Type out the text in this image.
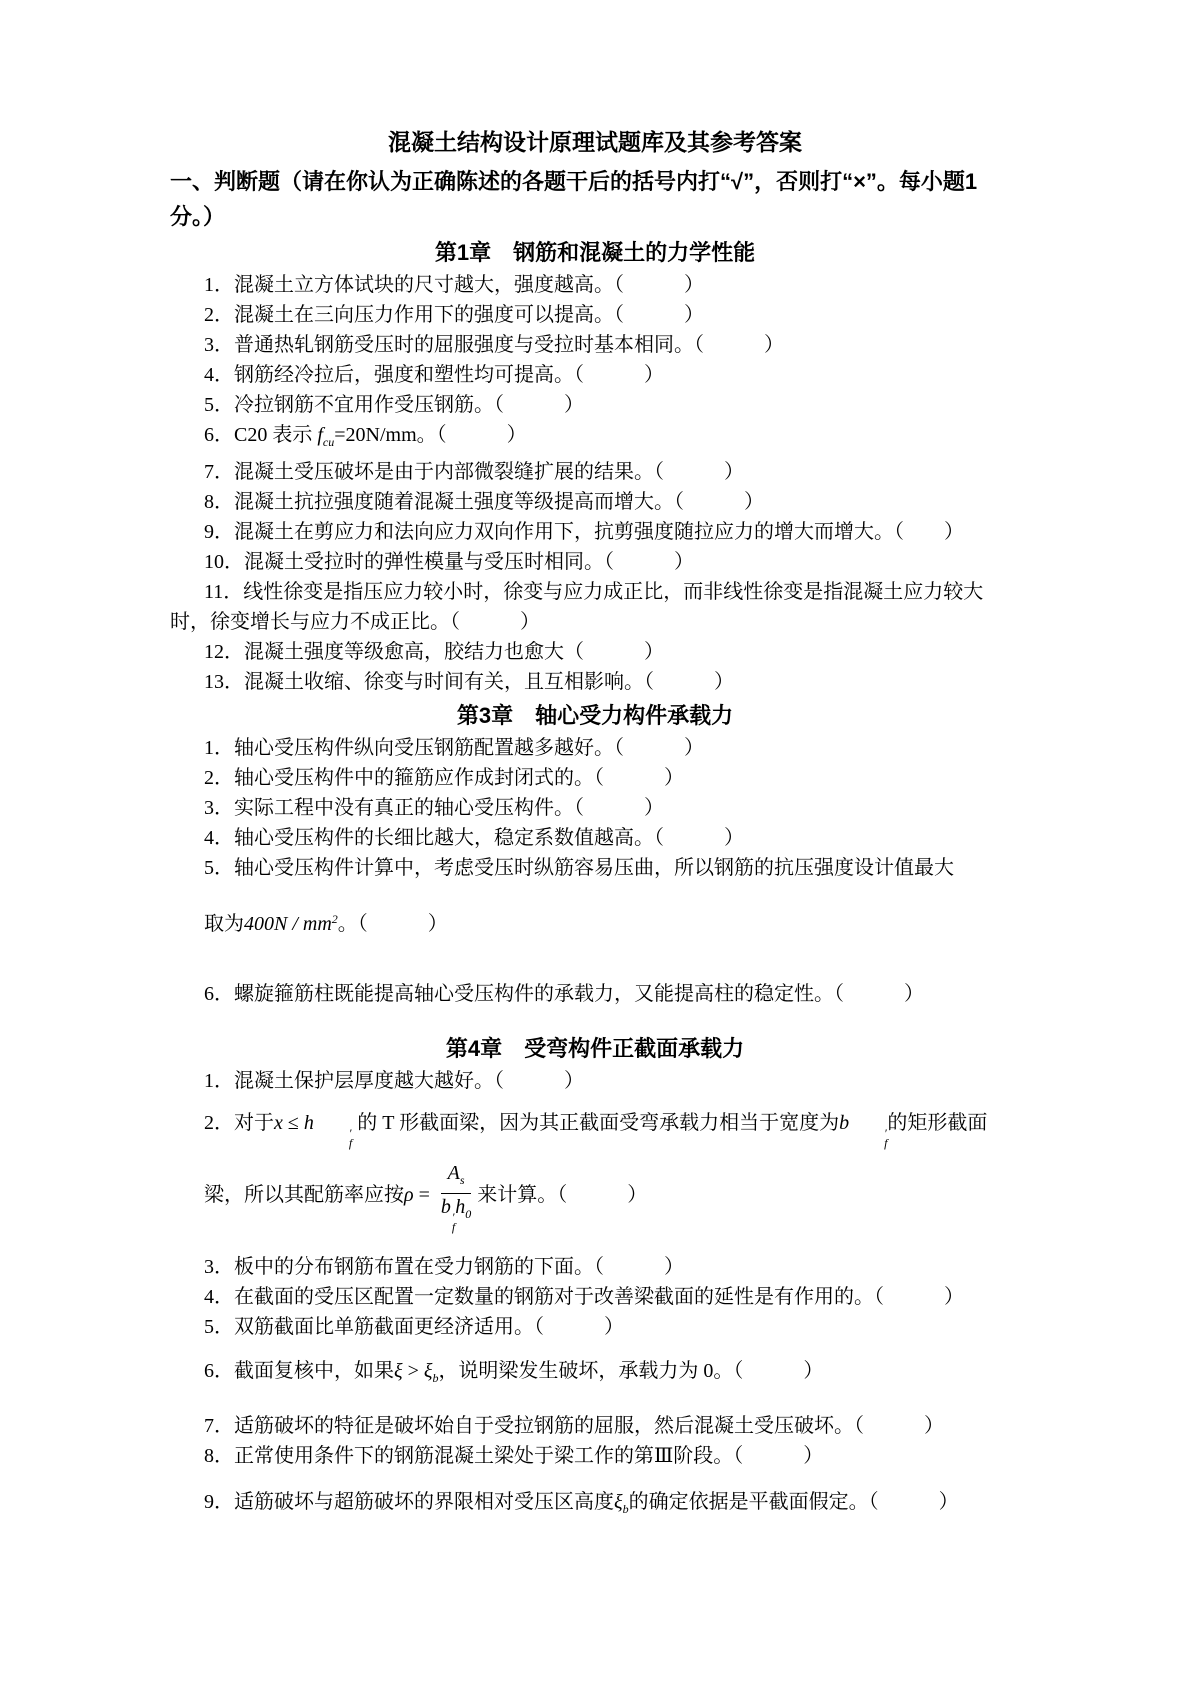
混凝土结构设计原理试题库及其参考答案
一、判断题（请在你认为正确陈述的各题干后的括号内打“√”，否则打“×”。每小题1分。）
第1章　钢筋和混凝土的力学性能
1．混凝土立方体试块的尺寸越大，强度越高。（　　　）
2．混凝土在三向压力作用下的强度可以提高。（　　　）
3．普通热轧钢筋受压时的屈服强度与受拉时基本相同。（　　　）
4．钢筋经冷拉后，强度和塑性均可提高。（　　　）
5．冷拉钢筋不宜用作受压钢筋。（　　　）
6．C20 表示 $f_{cu}=20N/mm$。（　　　）
7．混凝土受压破坏是由于内部微裂缝扩展的结果。（　　　）
8．混凝土抗拉强度随着混凝土强度等级提高而增大。（　　　）
9．混凝土在剪应力和法向应力双向作用下，抗剪强度随拉应力的增大而增大。（　　）
10．混凝土受拉时的弹性模量与受压时相同。（　　　）
11．线性徐变是指压应力较小时，徐变与应力成正比，而非线性徐变是指混凝土应力较大时，徐变增长与应力不成正比。（　　　）
12．混凝土强度等级愈高，胶结力也愈大（　　　）
13．混凝土收缩、徐变与时间有关，且互相影响。（　　　）
第3章　轴心受力构件承载力
1．轴心受压构件纵向受压钢筋配置越多越好。（　　　）
2．轴心受压构件中的箍筋应作成封闭式的。（　　　）
3．实际工程中没有真正的轴心受压构件。（　　　）
4．轴心受压构件的长细比越大，稳定系数值越高。（　　　）
5．轴心受压构件计算中，考虑受压时纵筋容易压曲，所以钢筋的抗压强度设计值最大
取为$400N / mm^2$。（　　　）
6．螺旋箍筋柱既能提高轴心受压构件的承载力，又能提高柱的稳定性。（　　　）
第4章　受弯构件正截面承载力
1．混凝土保护层厚度越大越好。（　　　）
2．对于x ≤ h	′
f
的 T 形截面梁，因为其正截面受弯承载力相当于宽度为b	′
f
的矩形截面
梁，所以其配筋率应按$\rho = A_s$
b ′
f
$h_0$ 来计算。（　　　）
3．板中的分布钢筋布置在受力钢筋的下面。（　　　）
4．在截面的受压区配置一定数量的钢筋对于改善梁截面的延性是有作用的。（　　　）
5．双筋截面比单筋截面更经济适用。（　　　）
6．截面复核中，如果$\xi > \xi_b$，说明梁发生破坏，承载力为 0。（　　　）
7．适筋破坏的特征是破坏始自于受拉钢筋的屈服，然后混凝土受压破坏。（　　　）
8．正常使用条件下的钢筋混凝土梁处于梁工作的第Ⅲ阶段。（　　　）
9．适筋破坏与超筋破坏的界限相对受压区高度$\xi_b$的确定依据是平截面假定。（　　　）
